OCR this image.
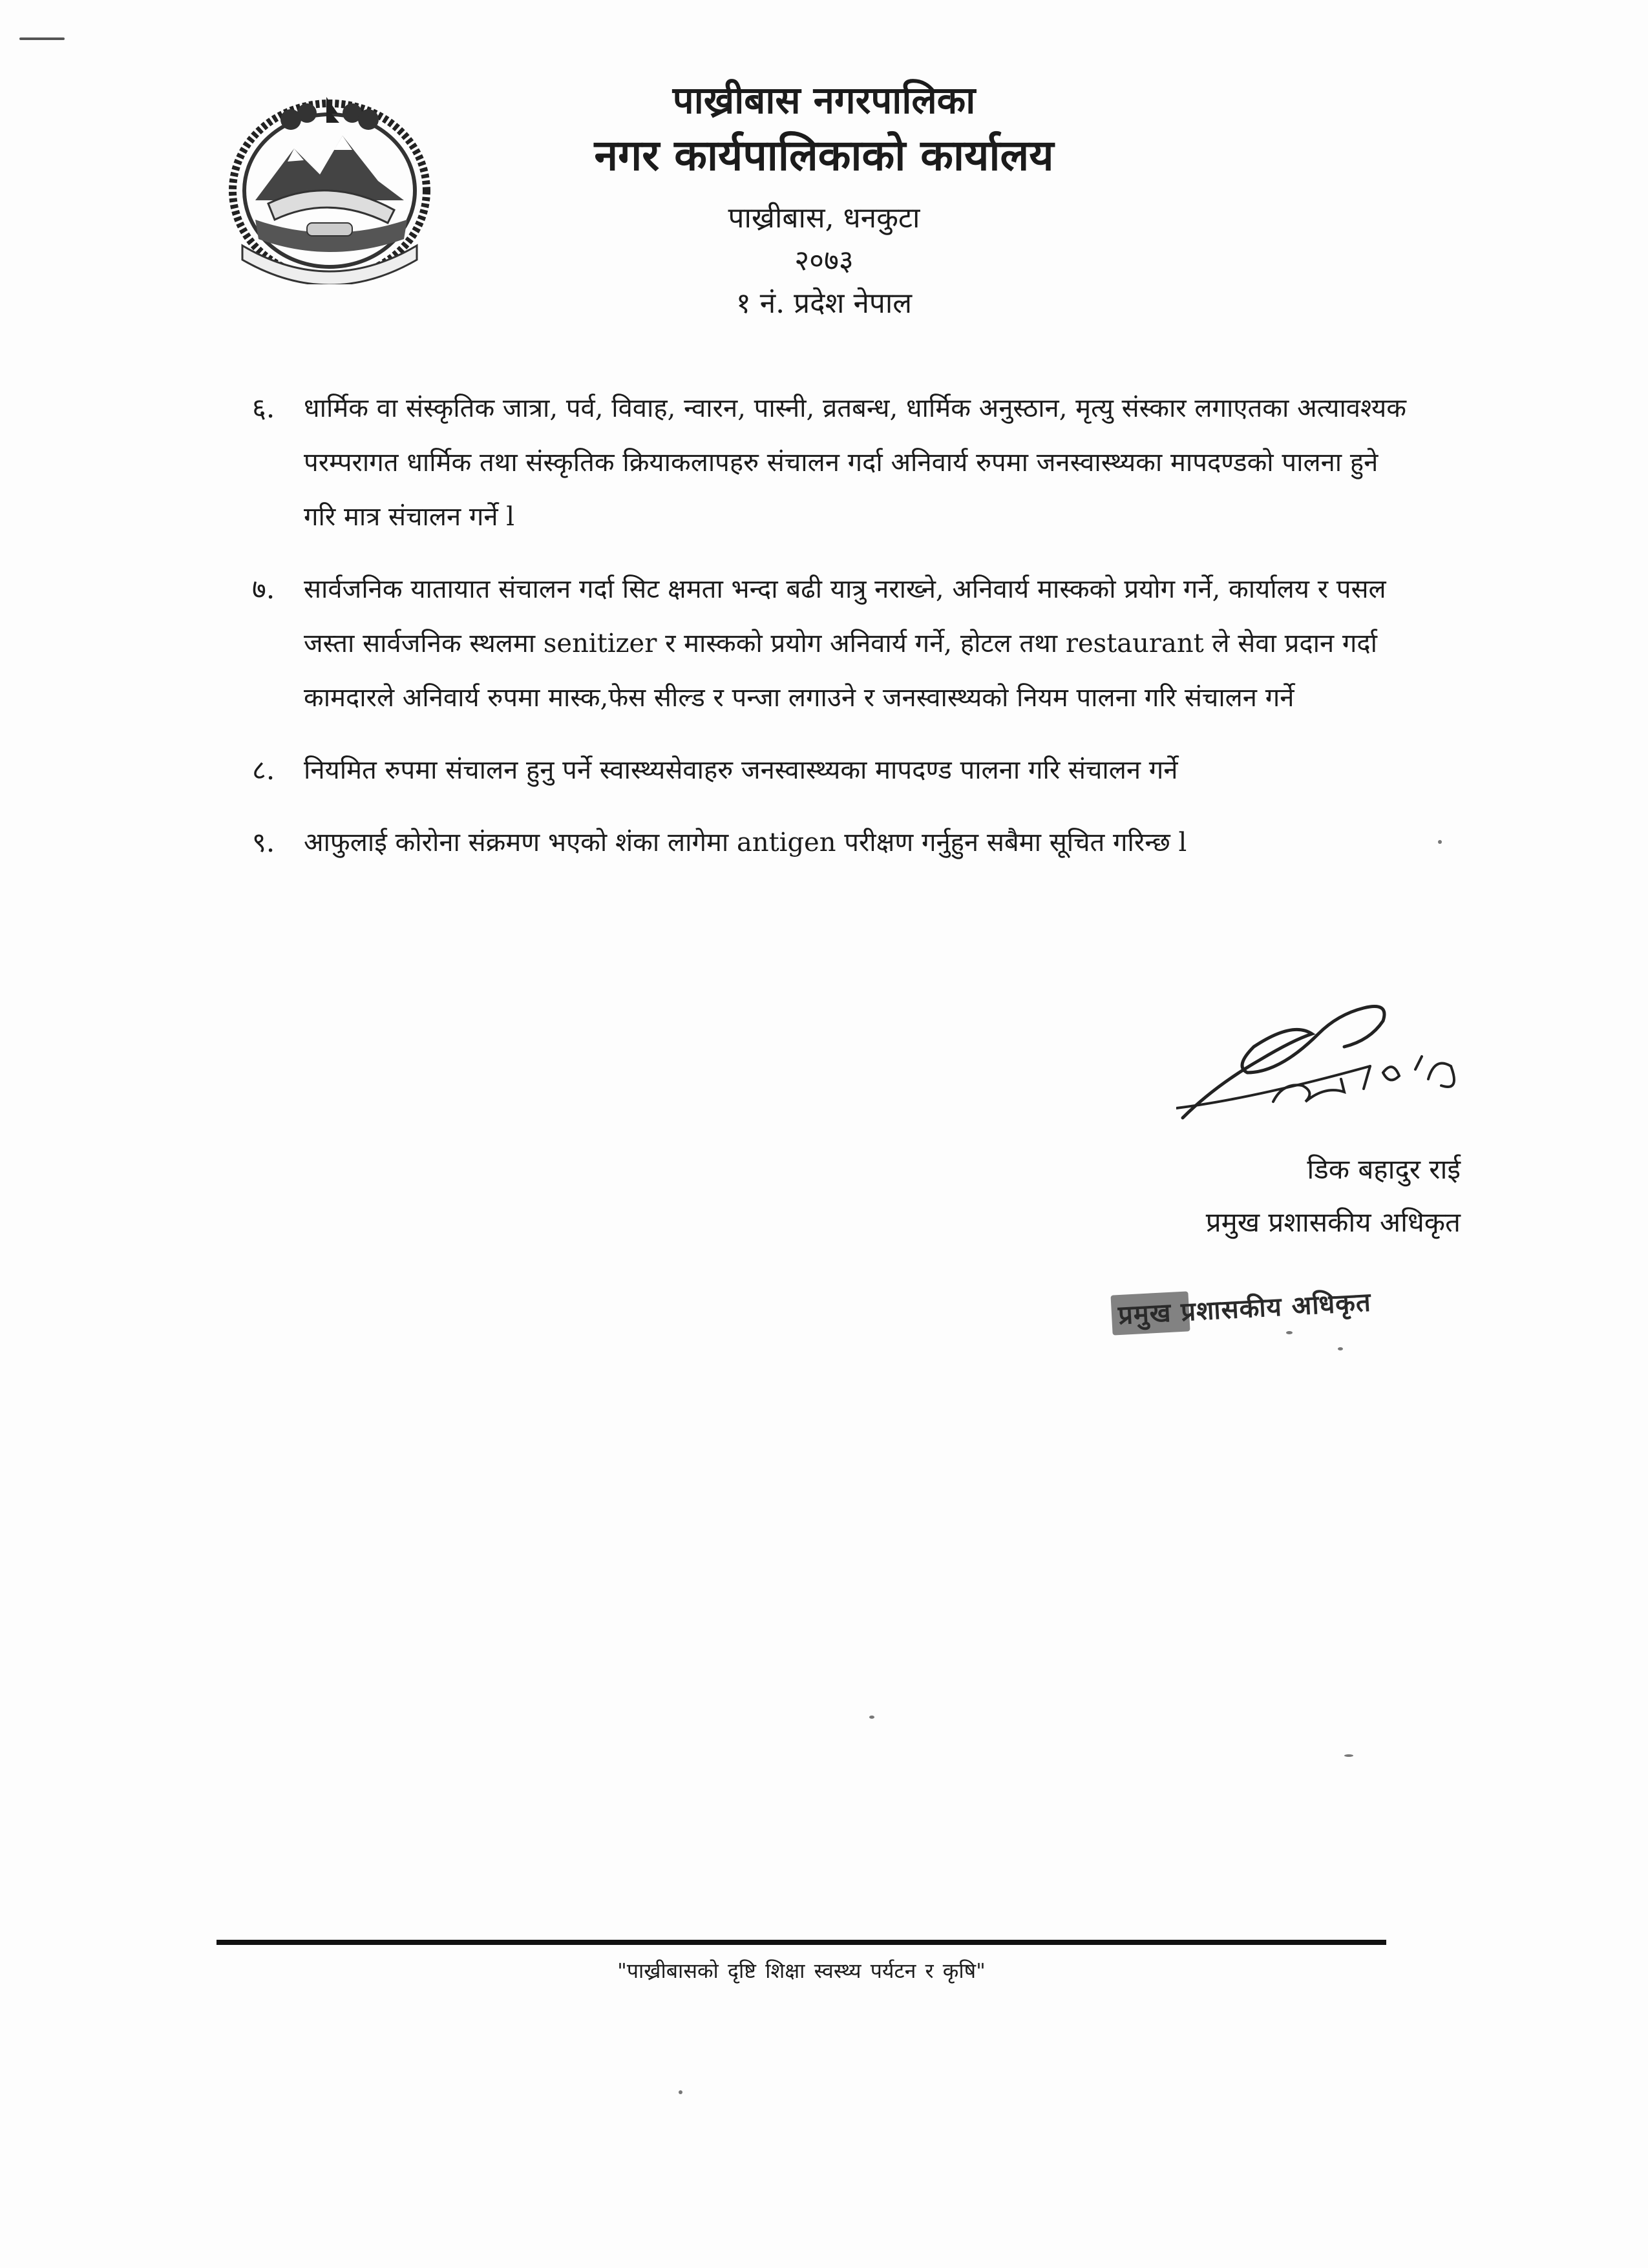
पाख्रीबास नगरपालिका
नगर कार्यपालिकाको कार्यालय
पाख्रीबास, धनकुटा
२०७३
१ नं. प्रदेश नेपाल
६.	धार्मिक वा संस्कृतिक जात्रा, पर्व, विवाह, न्वारन, पास्नी, व्रतबन्ध, धार्मिक अनुस्ठान, मृत्यु संस्कार लगाएतका अत्यावश्यक परम्परागत धार्मिक तथा संस्कृतिक क्रियाकलापहरु संचालन गर्दा अनिवार्य रुपमा जनस्वास्थ्यका मापदण्डको पालना हुने गरि मात्र संचालन गर्ने l
७.	सार्वजनिक यातायात संचालन गर्दा सिट क्षमता भन्दा बढी यात्रु नराख्ने, अनिवार्य मास्कको प्रयोग गर्ने, कार्यालय र पसल जस्ता सार्वजनिक स्थलमा senitizer र मास्कको प्रयोग अनिवार्य गर्ने, होटल तथा restaurant ले सेवा प्रदान गर्दा कामदारले अनिवार्य रुपमा मास्क,फेस सील्ड र पन्जा लगाउने र जनस्वास्थ्यको नियम पालना गरि संचालन गर्ने
८.	नियमित रुपमा संचालन हुनु पर्ने स्वास्थ्यसेवाहरु जनस्वास्थ्यका मापदण्ड पालना गरि संचालन गर्ने
९.	आफुलाई कोरोना संक्रमण भएको शंका लागेमा antigen परीक्षण गर्नुहुन सबैमा सूचित गरिन्छ l
डिक बहादुर राई
प्रमुख प्रशासकीय अधिकृत
प्रमुख प्रशासकीय अधिकृत
"पाख्रीबासको दृष्टि शिक्षा स्वस्थ्य पर्यटन र कृषि"
